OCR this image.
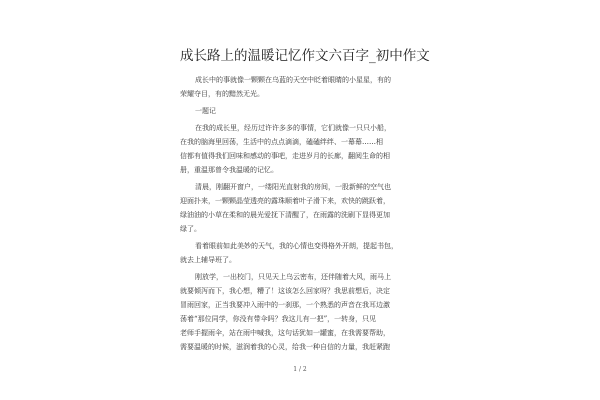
成长路上的温暖记忆作文六百字_初中作文
成长中的事就像一颗颗在乌蓝的天空中眨着眼睛的小星星，有的
荣耀夺目，有的黯然无光。
一题记
在我的成长里，经历过许许多多的事情，它们就像一只只小船，
在我的脑海里回荡，生活中的点点滴滴，磕磕绊绊、一幕幕……相
信都有值得我们回味和感动的事吧，走进岁月的长廊，翻阅生命的相
册，重温那曾令我温暖的记忆。
清晨，刚翻开窗户，一缕阳光直射我的房间，一股新鲜的空气也
迎面扑来，一颗颗晶莹透亮的露珠顺着叶子滑下来，欢快的跳跃着，
绿油油的小草在柔和的晨光爱抚下清醒了，在雨露的洗刷下显得更加
绿了。
看着眼前如此美妙的天气，我的心情也变得格外开朗，提起书包，
就去上辅导班了。
刚放学，一出校门，只见天上乌云密布，还伴随着大风，雨马上
就要倾泻而下，我心想，糟了！这该怎么回家呀？我思前想后，决定
冒雨回家，正当我要冲入雨中的一刹那，一个熟悉的声音在我耳边激
荡着“那位同学，你没有带伞吗？我这儿有一把”，一转身，只见
老师手握雨伞，站在雨中喊我，这句话犹如一罐蜜，在我需要帮助，
需要温暖的时候，滋润着我的心灵，给我一种自信的力量，我赶紧跑
1 / 2
